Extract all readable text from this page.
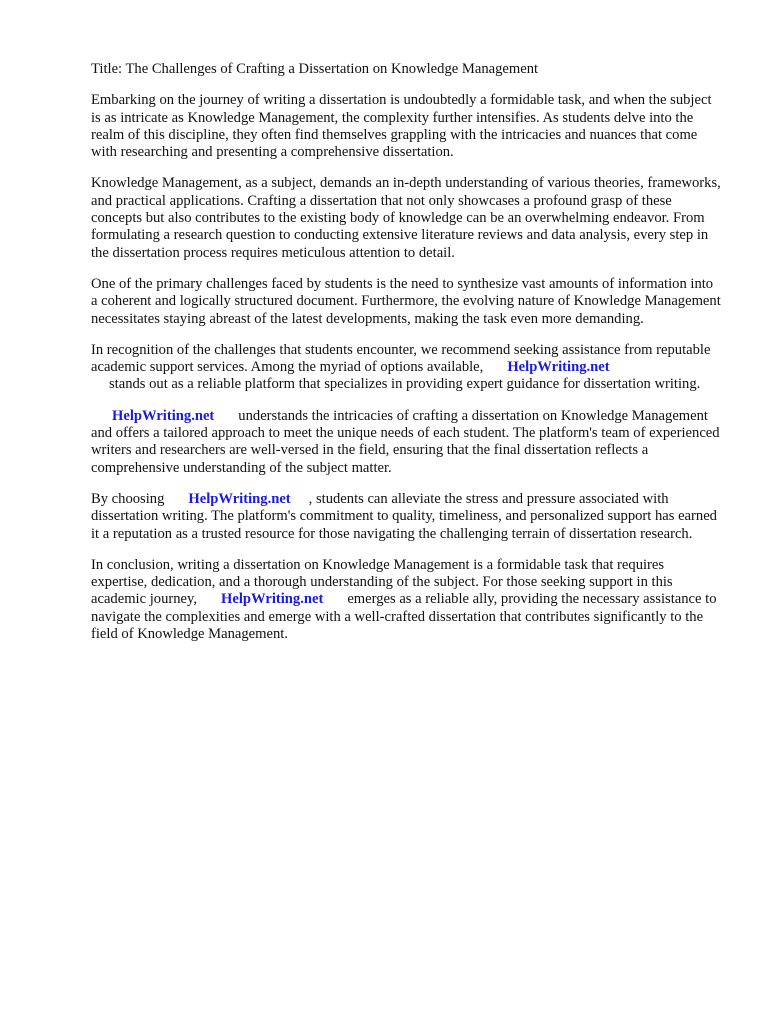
Title: The Challenges of Crafting a Dissertation on Knowledge Management

Embarking on the journey of writing a dissertation is undoubtedly a formidable task, and when the subject is as intricate as Knowledge Management, the complexity further intensifies. As students delve into the realm of this discipline, they often find themselves grappling with the intricacies and nuances that come with researching and presenting a comprehensive dissertation.

Knowledge Management, as a subject, demands an in-depth understanding of various theories, frameworks, and practical applications. Crafting a dissertation that not only showcases a profound grasp of these concepts but also contributes to the existing body of knowledge can be an overwhelming endeavor. From formulating a research question to conducting extensive literature reviews and data analysis, every step in the dissertation process requires meticulous attention to detail.

One of the primary challenges faced by students is the need to synthesize vast amounts of information into a coherent and logically structured document. Furthermore, the evolving nature of Knowledge Management necessitates staying abreast of the latest developments, making the task even more demanding.

In recognition of the challenges that students encounter, we recommend seeking assistance from reputable academic support services. Among the myriad of options available, HelpWriting.net
stands out as a reliable platform that specializes in providing expert guidance for dissertation writing.

HelpWriting.net understands the intricacies of crafting a dissertation on Knowledge Management and offers a tailored approach to meet the unique needs of each student. The platform's team of experienced writers and researchers are well-versed in the field, ensuring that the final dissertation reflects a comprehensive understanding of the subject matter.

By choosing HelpWriting.net , students can alleviate the stress and pressure associated with dissertation writing. The platform's commitment to quality, timeliness, and personalized support has earned it a reputation as a trusted resource for those navigating the challenging terrain of dissertation research.

In conclusion, writing a dissertation on Knowledge Management is a formidable task that requires expertise, dedication, and a thorough understanding of the subject. For those seeking support in this academic journey, HelpWriting.net emerges as a reliable ally, providing the necessary assistance to navigate the complexities and emerge with a well-crafted dissertation that contributes significantly to the field of Knowledge Management.
